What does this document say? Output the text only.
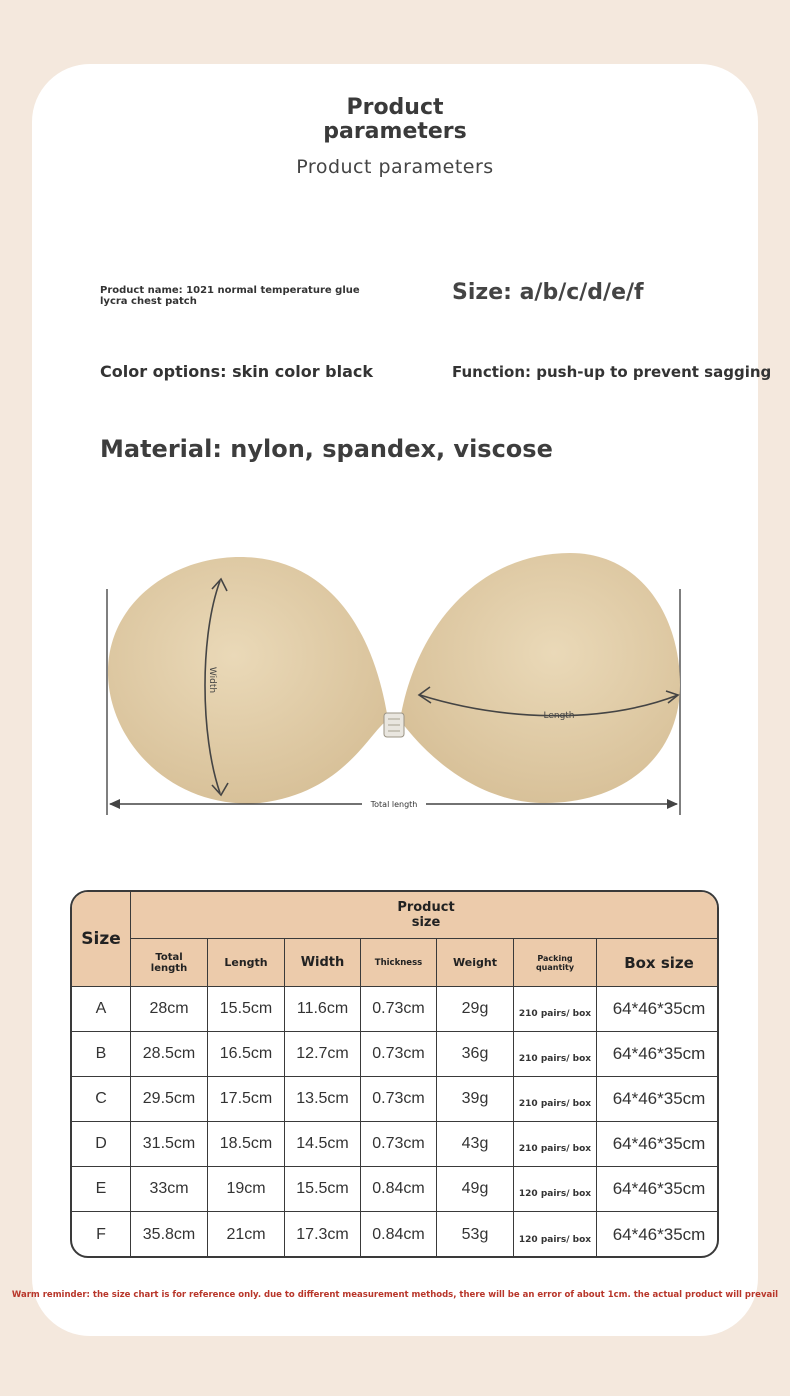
Product
parameters
Product parameters
Product name: 1021 normal temperature glue lycra chest patch	Size: a/b/c/d/e/f
Color options: skin color black	Function: push-up to prevent sagging
Material: nylon, spandex, viscose
Width
Length
Total length
Size
Product
size
Total length	Length	Width	Thickness	Weight	Packing quantity	Box size
A	28cm 15.5cm 11.6cm 0.73cm 29g	210 pairs/ box 64*46*35cm
B 28.5cm 16.5cm 12.7cm 0.73cm 36g	210 pairs/ box 64*46*35cm
C 29.5cm 17.5cm 13.5cm 0.73cm 39g	210 pairs/ box 64*46*35cm
D 31.5cm 18.5cm 14.5cm 0.73cm 43g	210 pairs/ box 64*46*35cm
E	33cm 19cm 15.5cm 0.84cm 49g	120 pairs/ box 64*46*35cm
F 35.8cm 21cm 17.3cm 0.84cm 53g	120 pairs/ box 64*46*35cm
Warm reminder: the size chart is for reference only. due to different measurement methods, there will be an error of about 1cm. the actual product will prevail
